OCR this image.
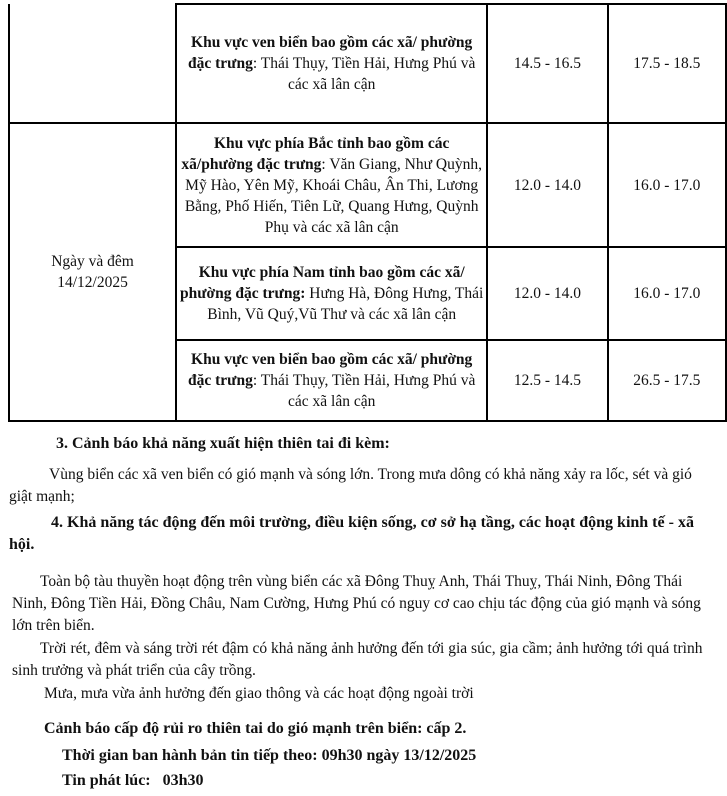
	Khu vực ven biển bao gồm các xã/ phường đặc trưng: Thái Thụy, Tiền Hải, Hưng Phú và các xã lân cận	14.5 - 16.5	17.5 - 18.5
Ngày và đêm 14/12/2025	Khu vực phía Bắc tỉnh bao gồm các xã/phường đặc trưng: Văn Giang, Như Quỳnh, Mỹ Hào, Yên Mỹ, Khoái Châu, Ân Thi, Lương Bằng, Phố Hiến, Tiên Lữ, Quang Hưng, Quỳnh Phụ và các xã lân cận	12.0 - 14.0	16.0 - 17.0
	Khu vực phía Nam tỉnh bao gồm các xã/ phường đặc trưng: Hưng Hà, Đông Hưng, Thái Bình, Vũ Quý,Vũ Thư và các xã lân cận	12.0 - 14.0	16.0 - 17.0
	Khu vực ven biển bao gồm các xã/ phường đặc trưng: Thái Thụy, Tiền Hải, Hưng Phú và các xã lân cận	12.5 - 14.5	26.5 - 17.5
3. Cảnh báo khả năng xuất hiện thiên tai đi kèm:
Vùng biển các xã ven biển có gió mạnh và sóng lớn. Trong mưa dông có khả năng xảy ra lốc, sét và gió giật mạnh;
4. Khả năng tác động đến môi trường, điều kiện sống, cơ sở hạ tầng, các hoạt động kinh tế - xã hội.
Toàn bộ tàu thuyền hoạt động trên vùng biển các xã Đông Thuỵ Anh, Thái Thuỵ, Thái Ninh, Đông Thái Ninh, Đông Tiền Hải, Đồng Châu, Nam Cường, Hưng Phú có nguy cơ cao chịu tác động của gió mạnh và sóng lớn trên biển.
Trời rét, đêm và sáng trời rét đậm có khả năng ảnh hưởng đến tới gia súc, gia cầm; ảnh hưởng tới quá trình sinh trưởng và phát triển của cây trồng.
Mưa, mưa vừa ảnh hưởng đến giao thông và các hoạt động ngoài trời
Cảnh báo cấp độ rủi ro thiên tai do gió mạnh trên biển: cấp 2.
Thời gian ban hành bản tin tiếp theo: 09h30 ngày 13/12/2025
Tin phát lúc: 03h30
